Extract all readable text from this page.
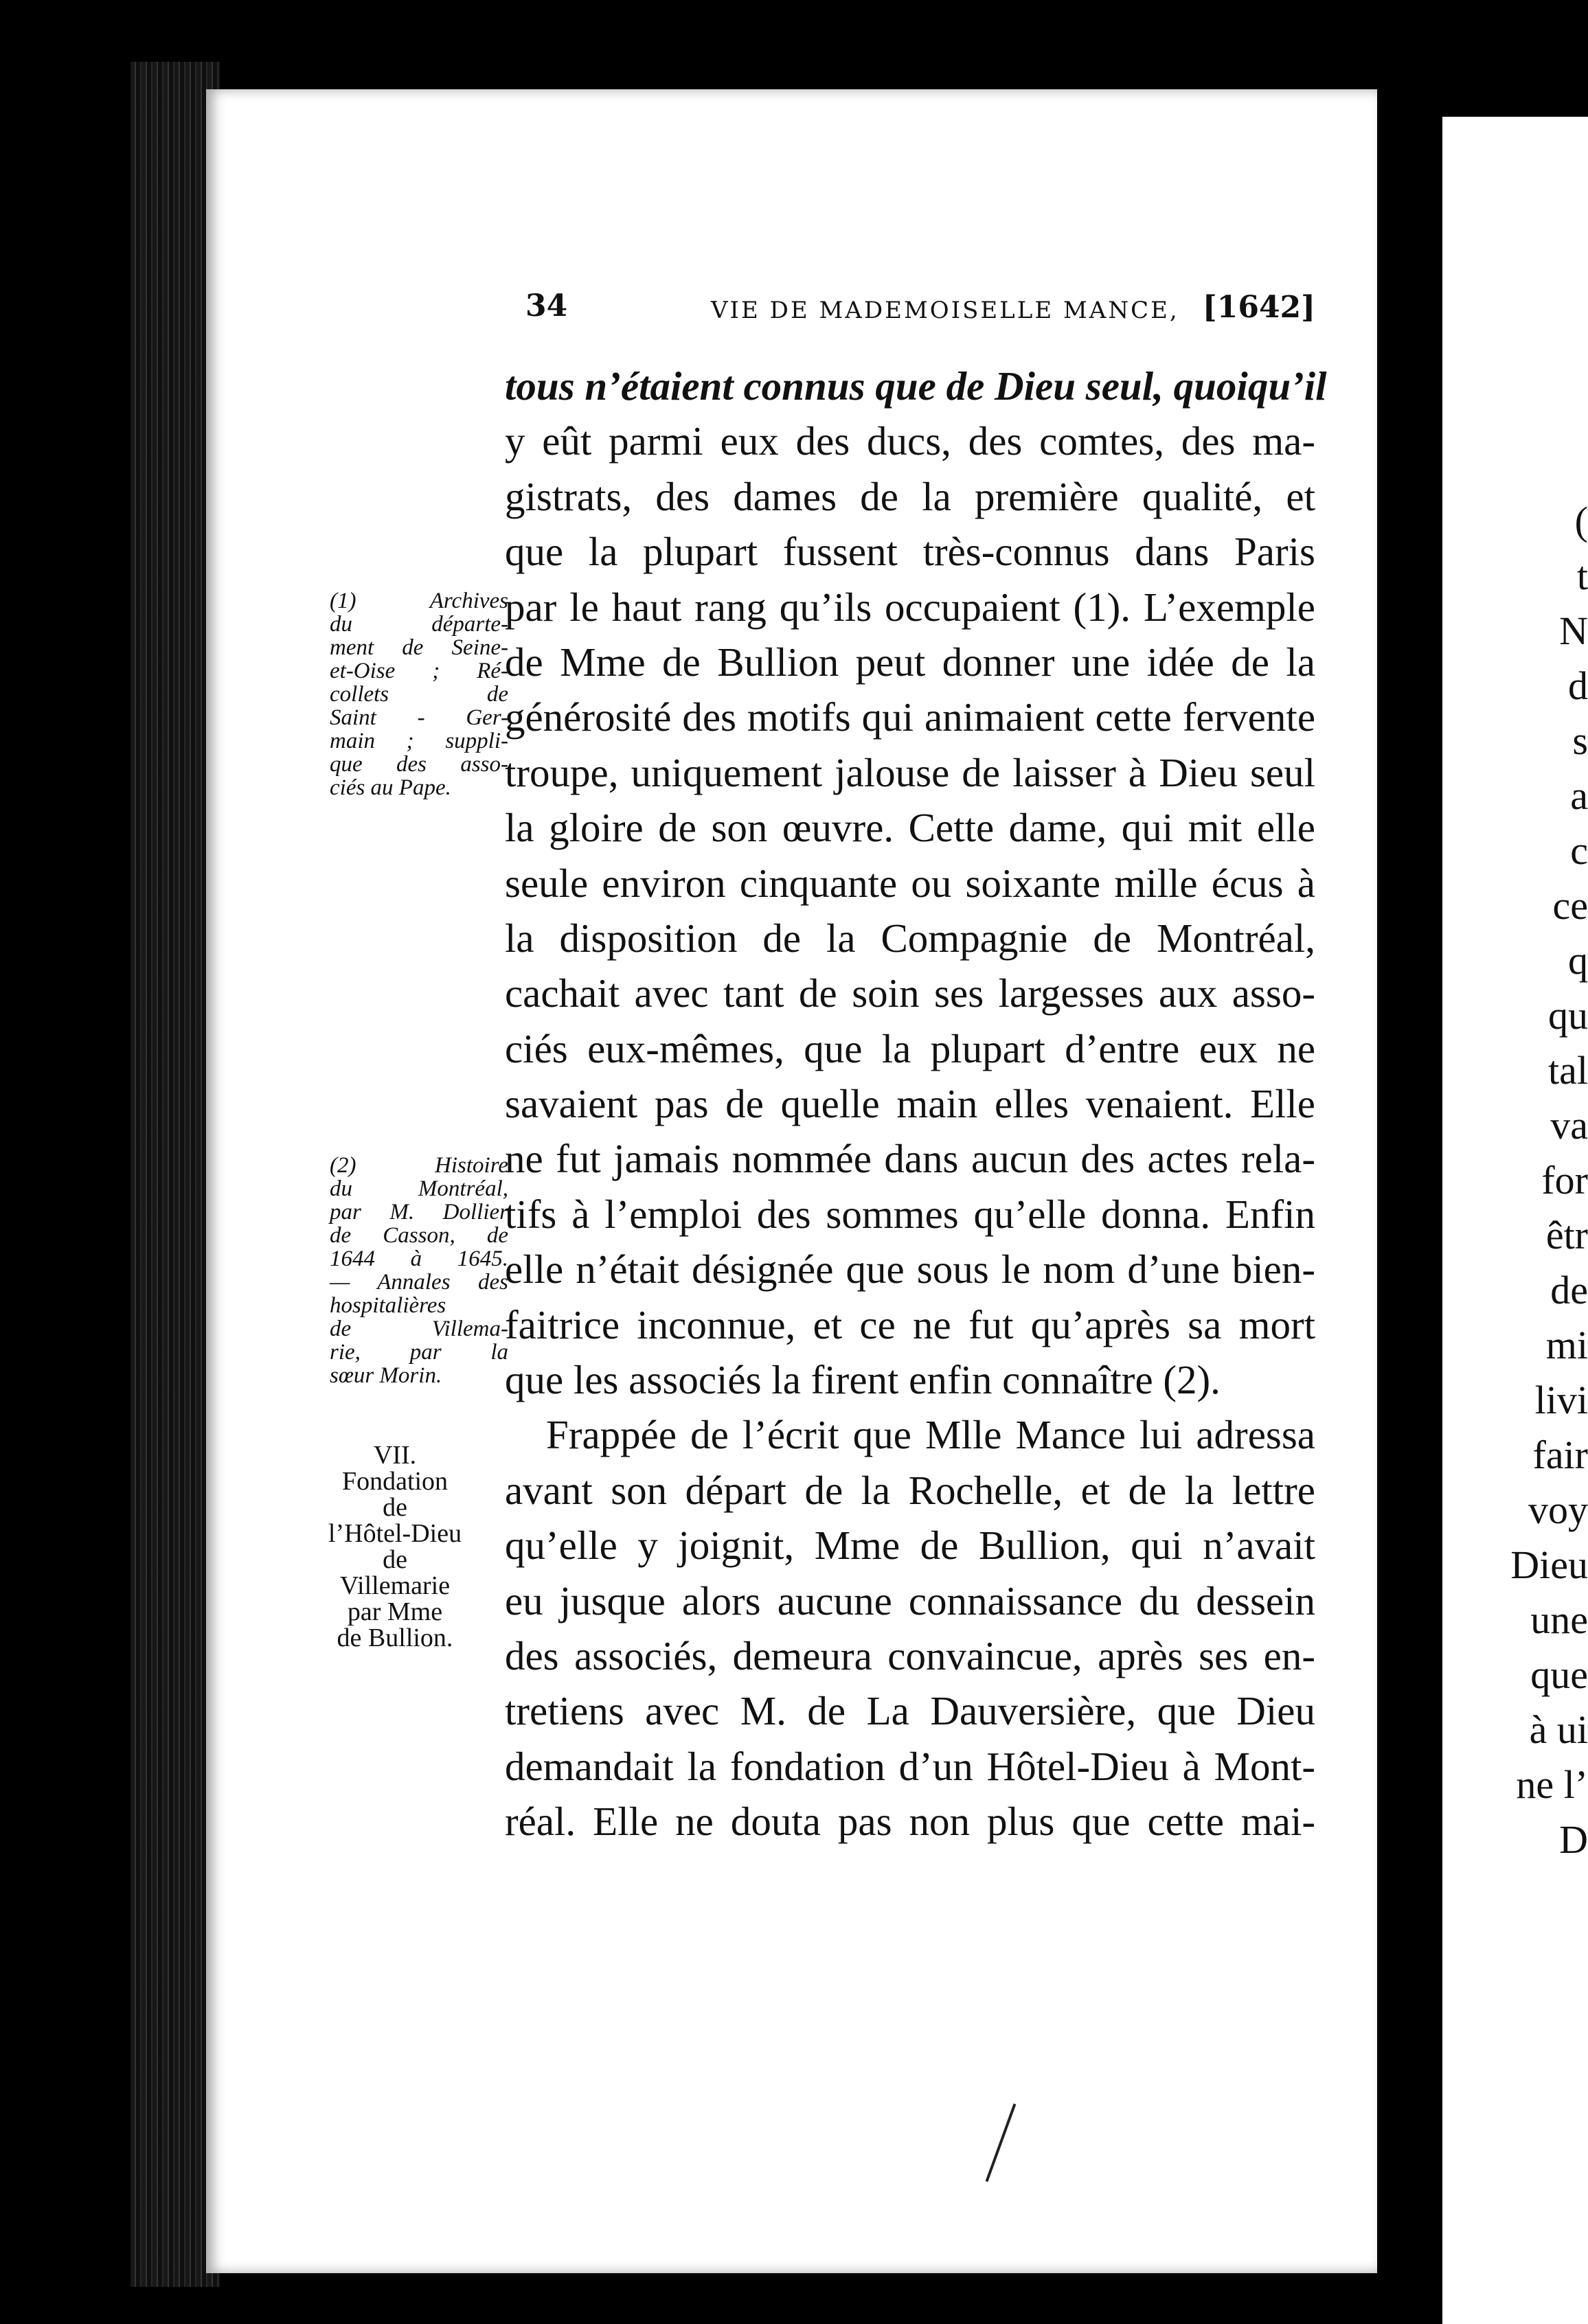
34	VIE DE MADEMOISELLE MANCE, [1642]
tous n’étaient connus que de Dieu seul, quoiqu’il
y eût parmi eux des ducs, des comtes, des ma-
gistrats, des dames de la première qualité, et
que la plupart fussent très-connus dans Paris
par le haut rang qu’ils occupaient (1). L’exemple
de Mme de Bullion peut donner une idée de la
générosité des motifs qui animaient cette fervente
troupe, uniquement jalouse de laisser à Dieu seul
la gloire de son œuvre. Cette dame, qui mit elle
seule environ cinquante ou soixante mille écus à
la disposition de la Compagnie de Montréal,
cachait avec tant de soin ses largesses aux asso-
ciés eux-mêmes, que la plupart d’entre eux ne
savaient pas de quelle main elles venaient. Elle
ne fut jamais nommée dans aucun des actes rela-
tifs à l’emploi des sommes qu’elle donna. Enfin
elle n’était désignée que sous le nom d’une bien-
faitrice inconnue, et ce ne fut qu’après sa mort
que les associés la firent enfin connaître (2).
Frappée de l’écrit que Mlle Mance lui adressa
avant son départ de la Rochelle, et de la lettre
qu’elle y joignit, Mme de Bullion, qui n’avait
eu jusque alors aucune connaissance du dessein
des associés, demeura convaincue, après ses en-
tretiens avec M. de La Dauversière, que Dieu
demandait la fondation d’un Hôtel-Dieu à Mont-
réal. Elle ne douta pas non plus que cette mai-
(1) Archives
du départe-
ment de Seine-
et-Oise ; Ré-
collets de
Saint - Ger-
main ; suppli-
que des asso-
ciés au Pape.
(2) Histoire
du Montréal,
par M. Dollier
de Casson, de
1644 à 1645.
— Annales des
hospitalières
de Villema-
rie, par la
sœur Morin.
VII.
Fondation
de
l’Hôtel-Dieu
de
Villemarie
par Mme
de Bullion.
(
t
N
d
s
a
c
ce
q
qu
tal
va
for
êtr
de
mi
livi
fair
voy
Dieu
une
que
à ui
ne l’
D
